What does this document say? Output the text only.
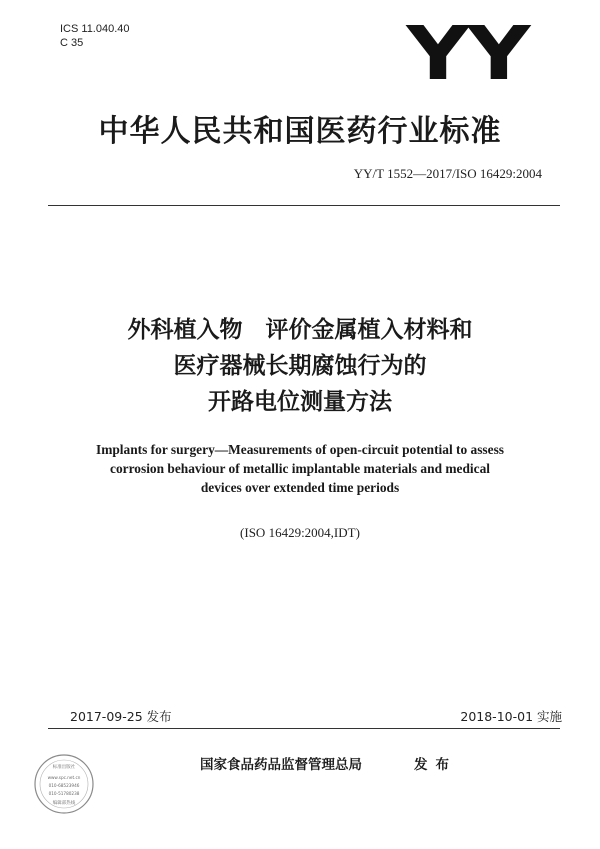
ICS 11.040.40
C 35	YY
中华人民共和国医药行业标准
YY/T 1552—2017/ISO 16429:2004
外科植入物　评价金属植入材料和
医疗器械长期腐蚀行为的
开路电位测量方法
Implants for surgery—Measurements of open-circuit potential to assess
corrosion behaviour of metallic implantable materials and medical
devices over extended time periods
(ISO 16429:2004,IDT)
2017-09-25 发布	2018-10-01 实施
标准出版社
www.spc.net.cn
010-68523946
010-51780238
编辑部热线
国家食品药品监督管理总局	发布
